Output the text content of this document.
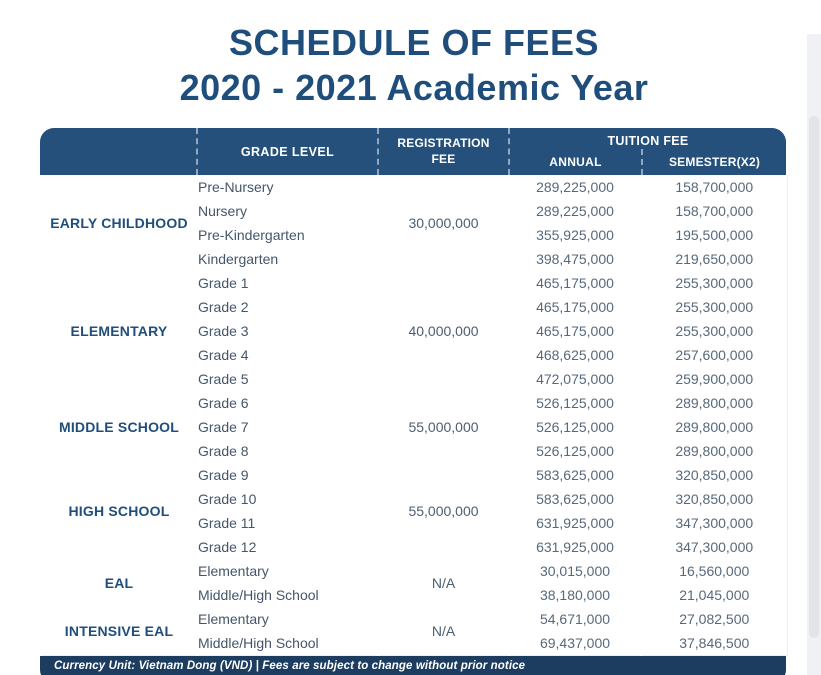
SCHEDULE OF FEES
2020 - 2021 Academic Year
GRADE LEVEL
REGISTRATION FEE
TUITION FEE
ANNUAL	SEMESTER(X2)
EARLY CHILDHOOD	Pre-Nursery	30,000,000	289,225,000	158,700,000
	Nursery		289,225,000	158,700,000
	Pre-Kindergarten		355,925,000	195,500,000
	Kindergarten		398,475,000	219,650,000
ELEMENTARY	Grade 1	40,000,000	465,175,000	255,300,000
	Grade 2		465,175,000	255,300,000
	Grade 3		465,175,000	255,300,000
	Grade 4		468,625,000	257,600,000
	Grade 5		472,075,000	259,900,000
MIDDLE SCHOOL	Grade 6	55,000,000	526,125,000	289,800,000
	Grade 7		526,125,000	289,800,000
	Grade 8		526,125,000	289,800,000
HIGH SCHOOL	Grade 9	55,000,000	583,625,000	320,850,000
	Grade 10		583,625,000	320,850,000
	Grade 11		631,925,000	347,300,000
	Grade 12		631,925,000	347,300,000
EAL	Elementary	N/A	30,015,000	16,560,000
	Middle/High School		38,180,000	21,045,000
INTENSIVE EAL	Elementary	N/A	54,671,000	27,082,500
	Middle/High School		69,437,000	37,846,500
Currency Unit: Vietnam Dong (VND) | Fees are subject to change without prior notice
